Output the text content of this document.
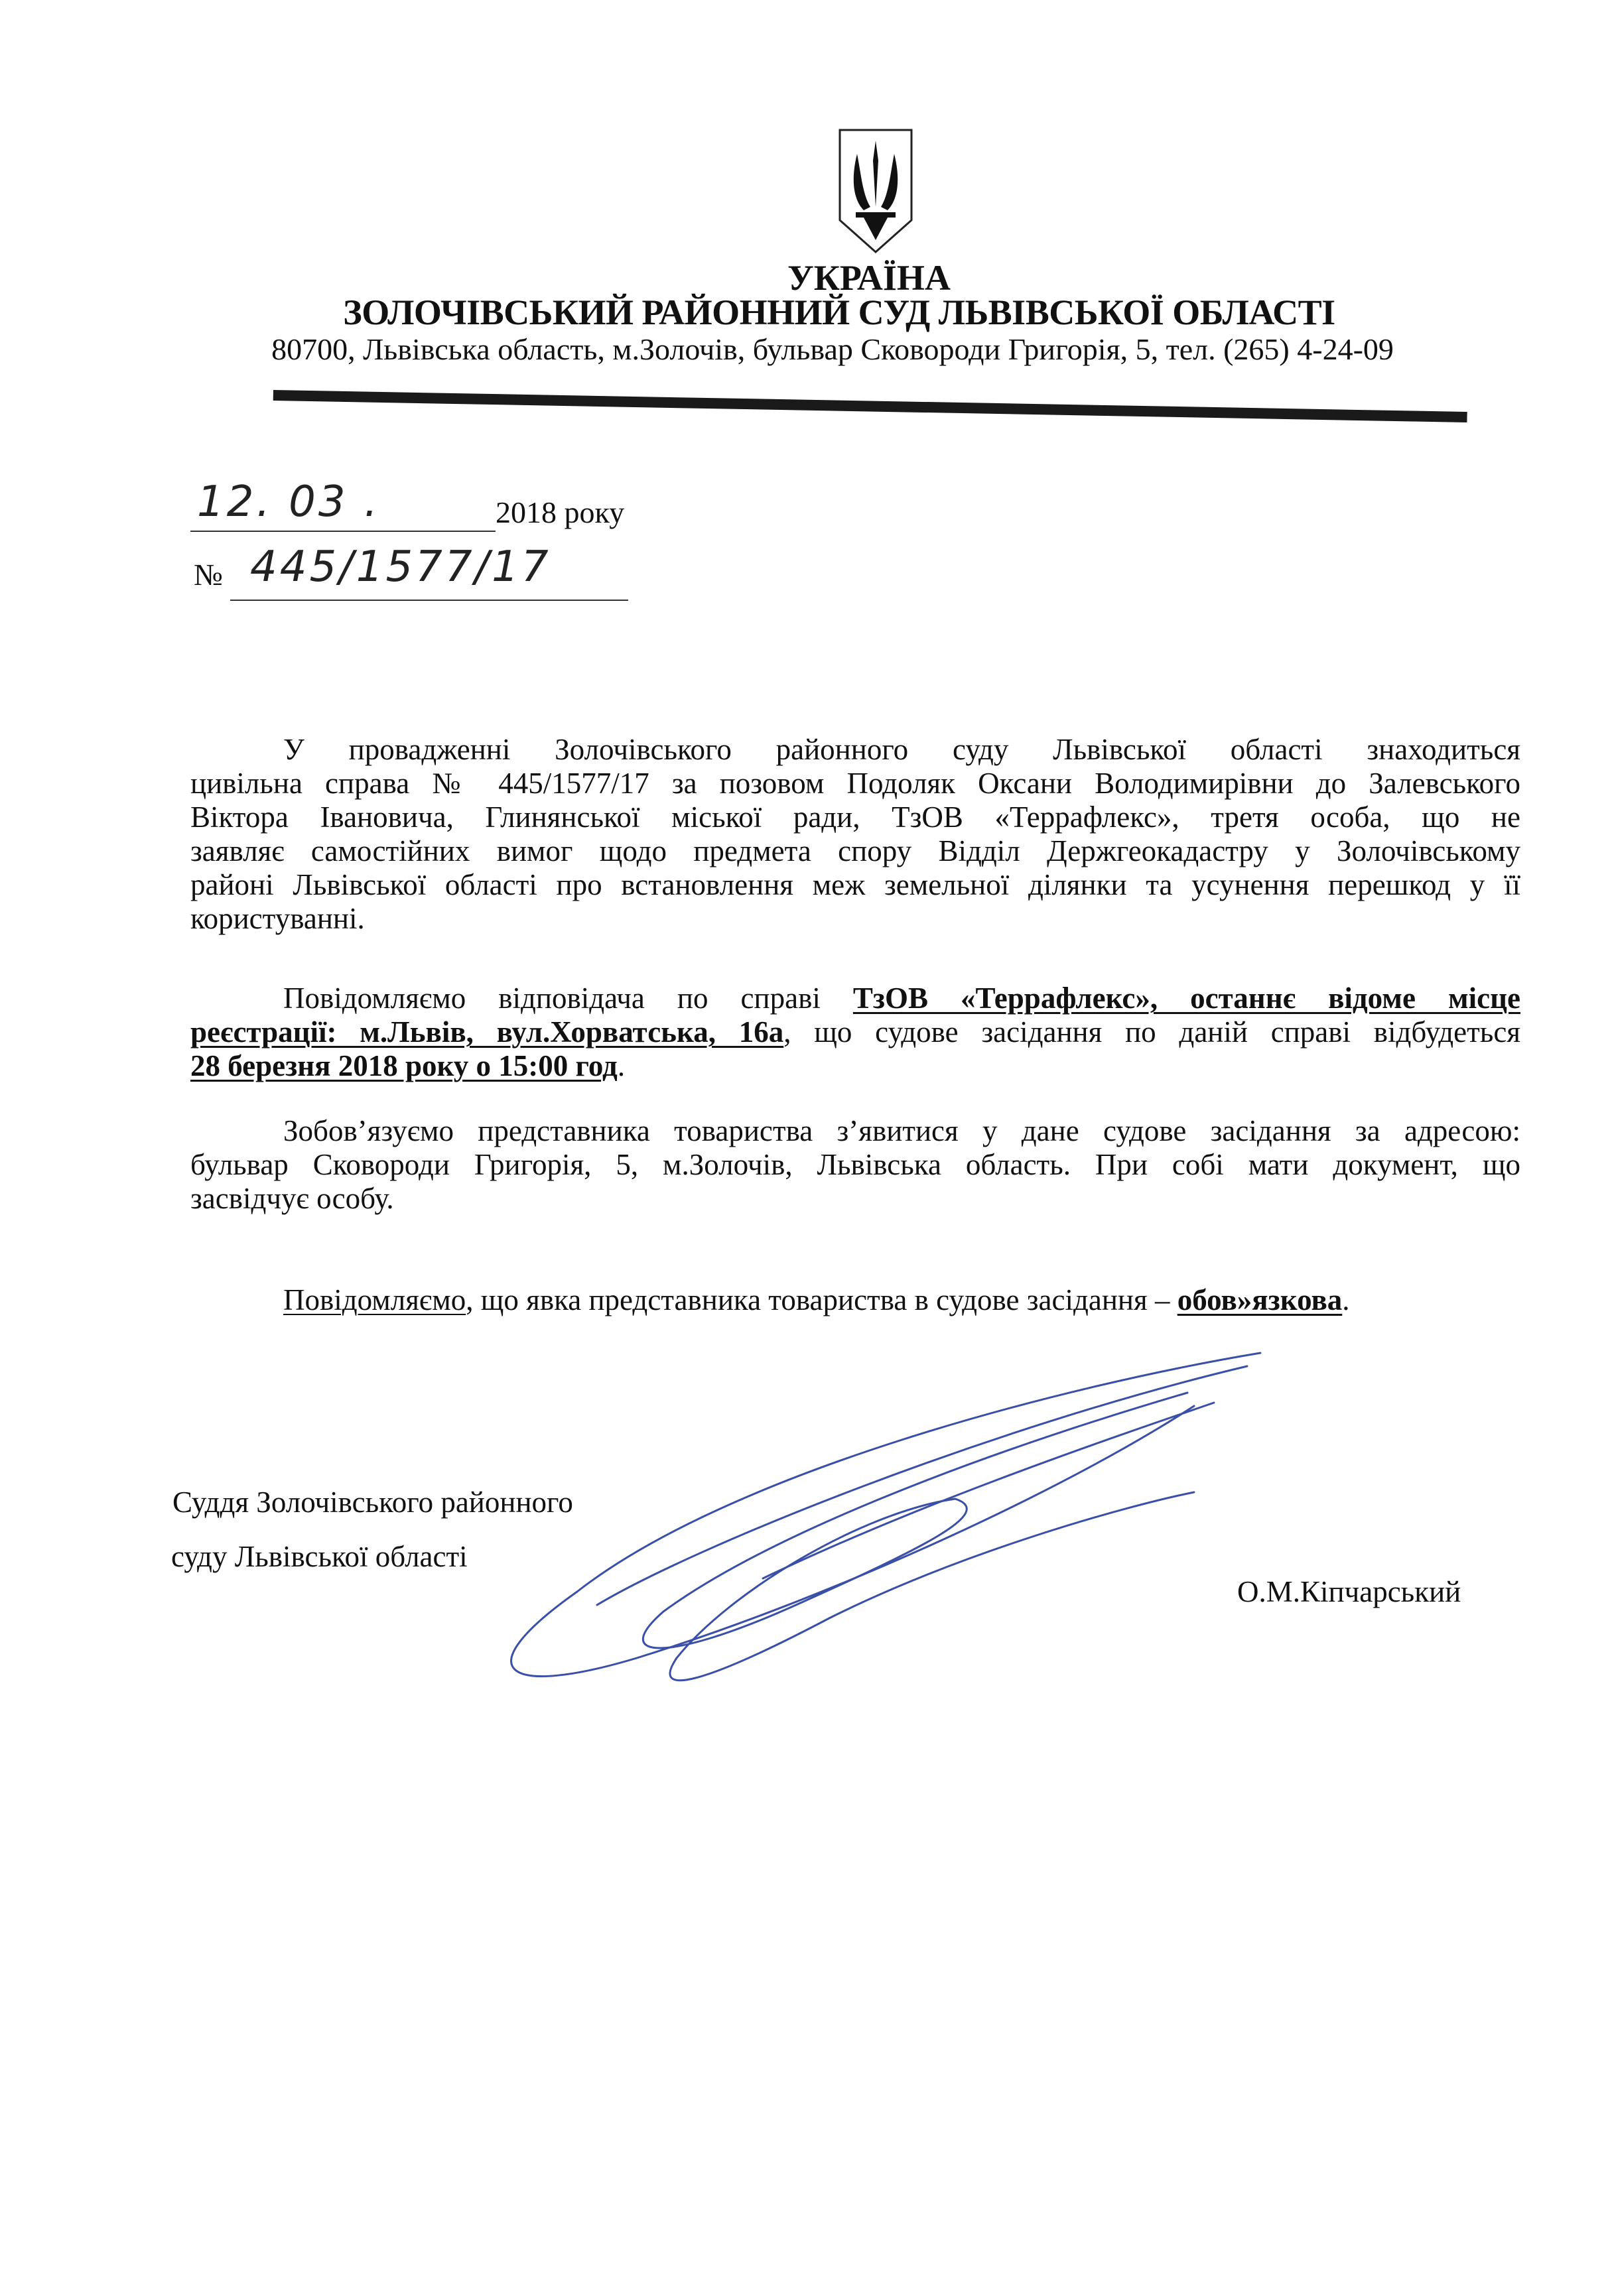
УКРАЇНА
ЗОЛОЧІВСЬКИЙ РАЙОННИЙ СУД ЛЬВІВСЬКОЇ ОБЛАСТІ
80700, Львівська область, м.Золочів, бульвар Сковороди Григорія, 5, тел. (265) 4-24-09
12. 03 .	2018 року
№ 445/1577/17
У провадженні Золочівського районного суду Львівської області знаходиться
цивільна справа № 445/1577/17 за позовом Подоляк Оксани Володимирівни до Залевського
Віктора Івановича, Глинянської міської ради, ТзОВ «Террафлекс», третя особа, що не
заявляє самостійних вимог щодо предмета спору Відділ Держгеокадастру у Золочівському
районі Львівської області про встановлення меж земельної ділянки та усунення перешкод у її
користуванні.
Повідомляємо відповідача по справі ТзОВ «Террафлекс», останнє відоме місце
реєстрації: м.Львів, вул.Хорватська, 16а, що судове засідання по даній справі відбудеться
28 березня 2018 року о 15:00 год.
Зобов’язуємо представника товариства з’явитися у дане судове засідання за адресою:
бульвар Сковороди Григорія, 5, м.Золочів, Львівська область. При собі мати документ, що
засвідчує особу.
Повідомляємо, що явка представника товариства в судове засідання – обов»язкова.
Суддя Золочівського районного
суду Львівської області
О.М.Кіпчарський
